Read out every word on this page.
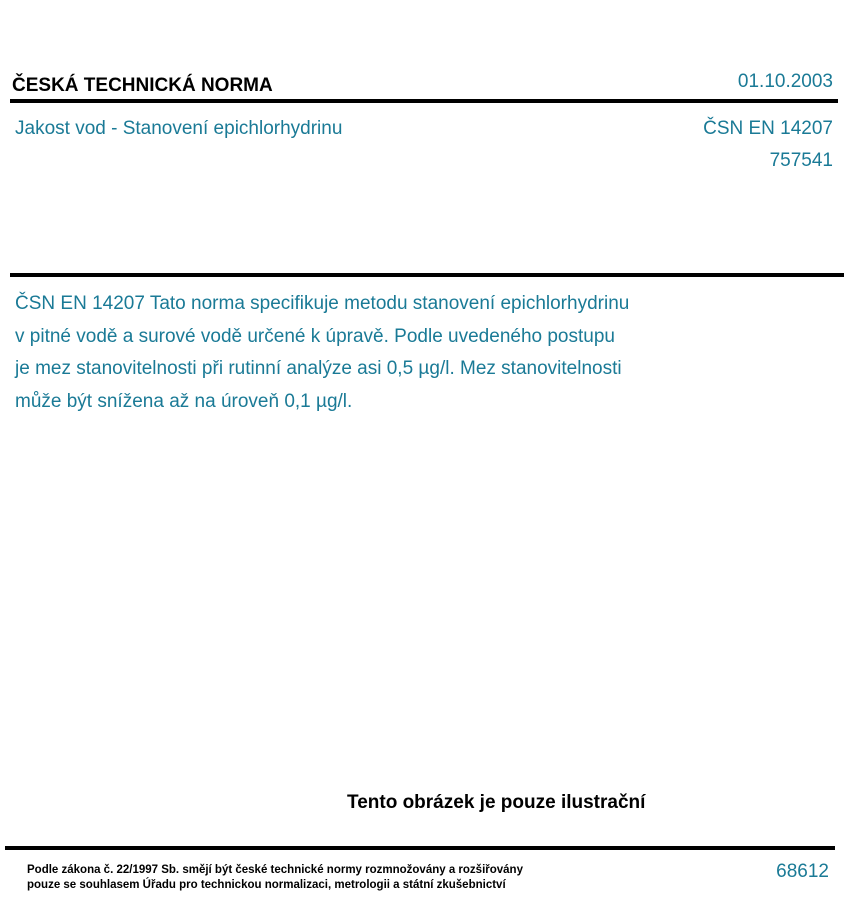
ČESKÁ TECHNICKÁ NORMA	01.10.2003
Jakost vod - Stanovení epichlorhydrinu	ČSN EN 14207
757541
ČSN EN 14207 Tato norma specifikuje metodu stanovení epichlorhydrinu
v pitné vodě a surové vodě určené k úpravě. Podle uvedeného postupu
je mez stanovitelnosti při rutinní analýze asi 0,5 µg/l. Mez stanovitelnosti
může být snížena až na úroveň 0,1 µg/l.
Tento obrázek je pouze ilustrační
Podle zákona č. 22/1997 Sb. smějí být české technické normy rozmnožovány a rozšiřovány
pouze se souhlasem Úřadu pro technickou normalizaci, metrologii a státní zkušebnictví
68612
